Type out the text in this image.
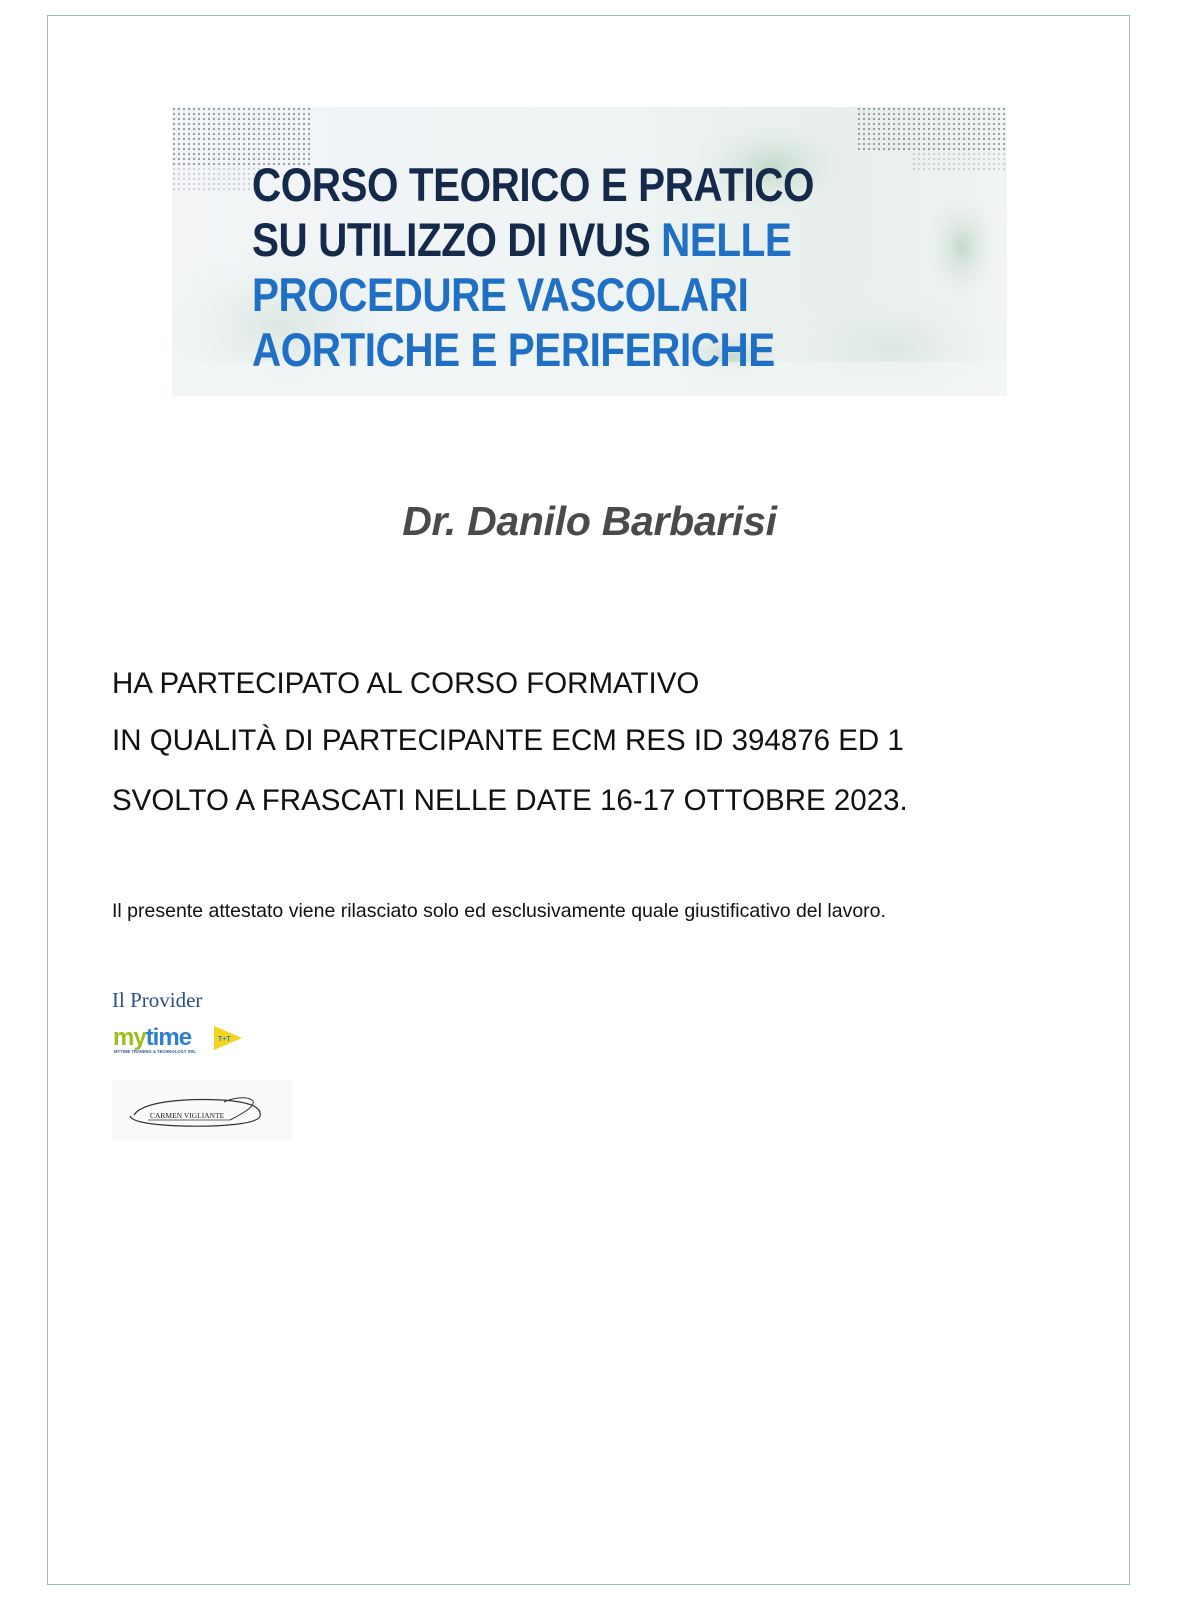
CORSO TEORICO E PRATICO
SU UTILIZZO DI IVUS NELLE
PROCEDURE VASCOLARI
AORTICHE E PERIFERICHE

Dr. Danilo Barbarisi
HA PARTECIPATO AL CORSO FORMATIVO
IN QUALITÀ DI PARTECIPANTE ECM RES ID 394876 ED 1
SVOLTO A FRASCATI NELLE DATE 16-17 OTTOBRE 2023.
Il presente attestato viene rilasciato solo ed esclusivamente quale giustificativo del lavoro.
Il Provider
mytime	T+T
MYTIME TRAINING & TECHNOLOGY SRL
CARMEN VIGLIANTE
